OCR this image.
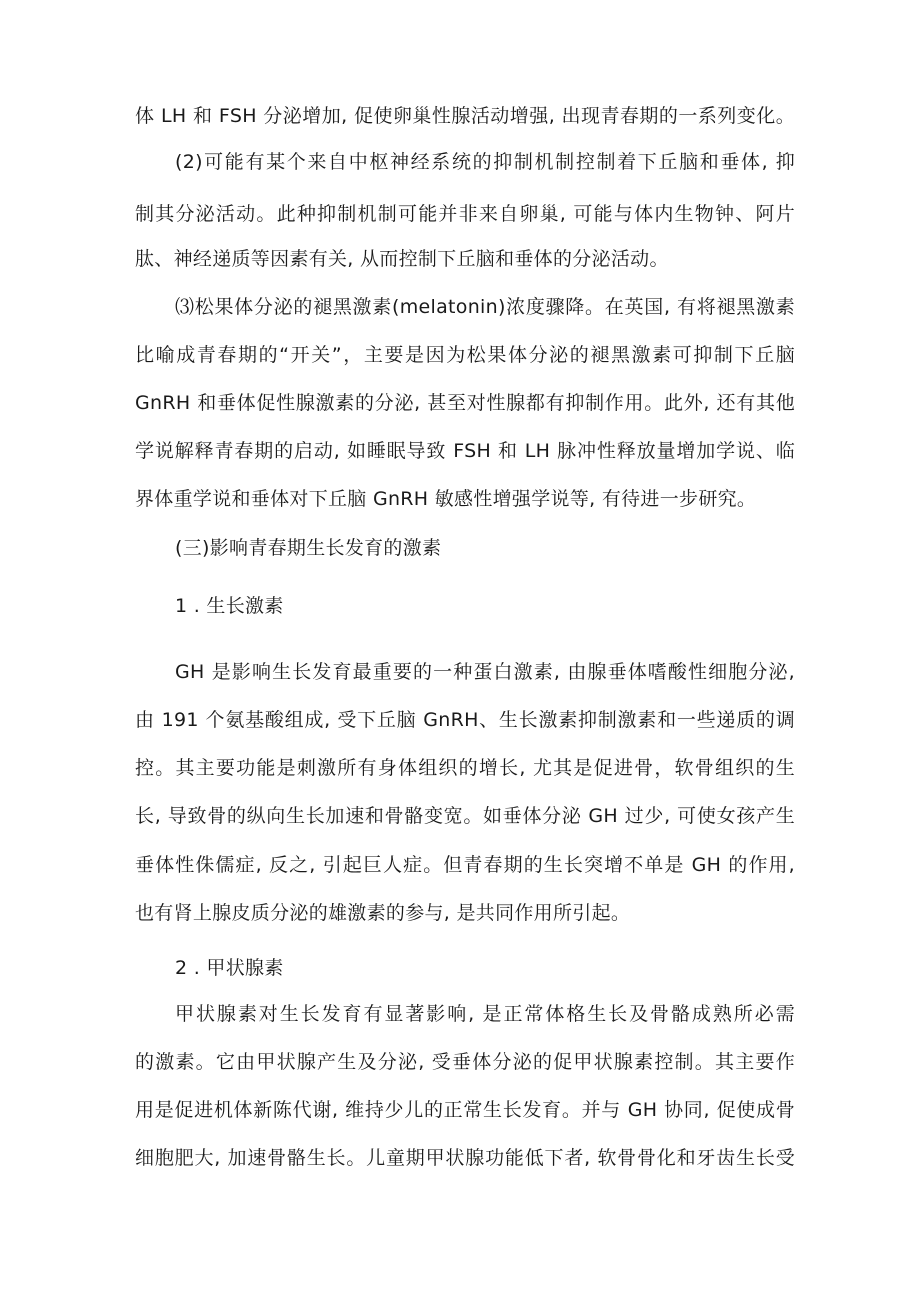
体 LH 和 FSH 分泌增加, 促使卵巢性腺活动增强, 出现青春期的一系列变化。
(2)可能有某个来自中枢神经系统的抑制机制控制着下丘脑和垂体, 抑
制其分泌活动。此种抑制机制可能并非来自卵巢, 可能与体内生物钟、阿片
肽、神经递质等因素有关, 从而控制下丘脑和垂体的分泌活动。
⑶松果体分泌的褪黑激素(melatonin)浓度骤降。在英国, 有将褪黑激素
比喻成青春期的“开关”，主要是因为松果体分泌的褪黑激素可抑制下丘脑
GnRH 和垂体促性腺激素的分泌, 甚至对性腺都有抑制作用。此外, 还有其他
学说解释青春期的启动, 如睡眠导致 FSH 和 LH 脉冲性释放量增加学说、临
界体重学说和垂体对下丘脑 GnRH 敏感性增强学说等, 有待进一步研究。
(三)影响青春期生长发育的激素
1 . 生长激素
GH 是影响生长发育最重要的一种蛋白激素, 由腺垂体嗜酸性细胞分泌,
由 191 个氨基酸组成, 受下丘脑 GnRH、生长激素抑制激素和一些递质的调
控。其主要功能是刺激所有身体组织的增长, 尤其是促进骨，软骨组织的生
长, 导致骨的纵向生长加速和骨骼变宽。如垂体分泌 GH 过少, 可使女孩产生
垂体性侏儒症, 反之, 引起巨人症。但青春期的生长突增不单是 GH 的作用,
也有肾上腺皮质分泌的雄激素的参与, 是共同作用所引起。
2 . 甲状腺素
甲状腺素对生长发育有显著影响, 是正常体格生长及骨骼成熟所必需
的激素。它由甲状腺产生及分泌, 受垂体分泌的促甲状腺素控制。其主要作
用是促进机体新陈代谢, 维持少儿的正常生长发育。并与 GH 协同, 促使成骨
细胞肥大, 加速骨骼生长。儿童期甲状腺功能低下者, 软骨骨化和牙齿生长受
